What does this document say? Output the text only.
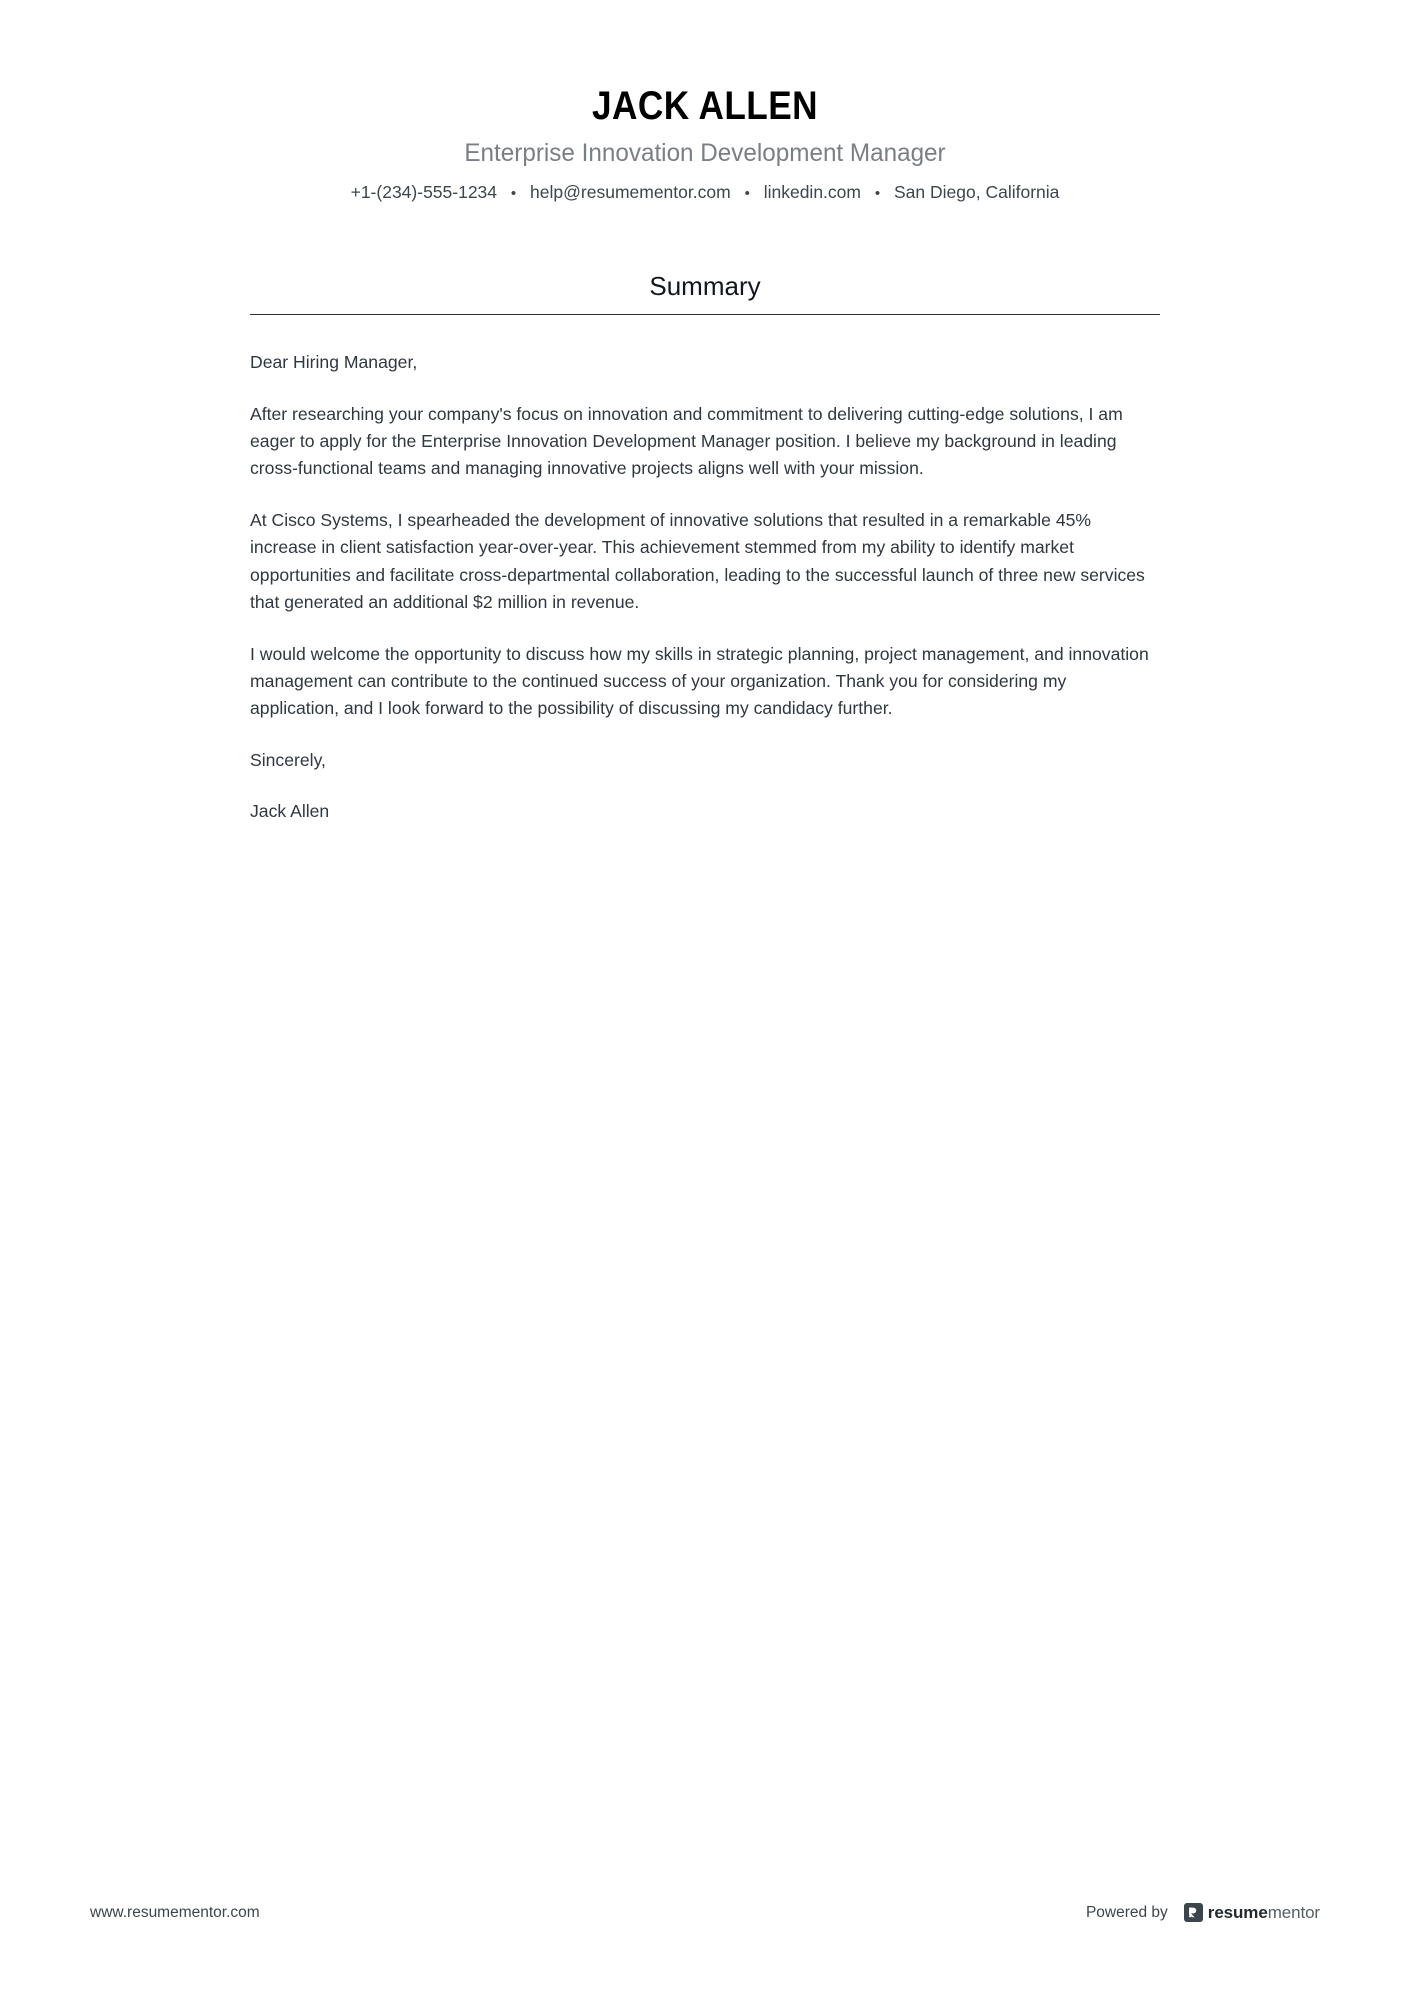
JACK ALLEN
Enterprise Innovation Development Manager
+1-(234)-555-1234 • help@resumementor.com • linkedin.com • San Diego, California
Summary

Dear Hiring Manager,

After researching your company's focus on innovation and commitment to delivering cutting-edge solutions, I am eager to apply for the Enterprise Innovation Development Manager position. I believe my background in leading cross-functional teams and managing innovative projects aligns well with your mission.

At Cisco Systems, I spearheaded the development of innovative solutions that resulted in a remarkable 45% increase in client satisfaction year-over-year. This achievement stemmed from my ability to identify market opportunities and facilitate cross-departmental collaboration, leading to the successful launch of three new services that generated an additional $2 million in revenue.

I would welcome the opportunity to discuss how my skills in strategic planning, project management, and innovation management can contribute to the continued success of your organization. Thank you for considering my application, and I look forward to the possibility of discussing my candidacy further.

Sincerely,

Jack Allen

www.resumementor.com	Powered by resumementor
